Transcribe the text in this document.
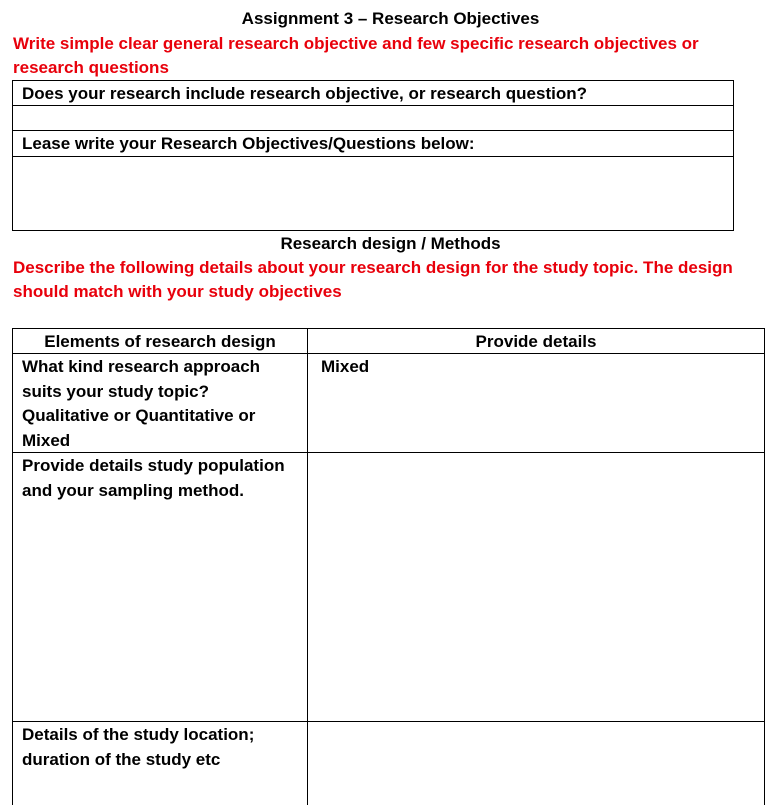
Assignment 3 – Research Objectives
Write simple clear general research objective and few specific research objectives or
research questions
Does your research include research objective, or research question?
Lease write your Research Objectives/Questions below:
Research design / Methods
Describe the following details about your research design for the study topic. The design
should match with your study objectives
Elements of research design	Provide details
What kind research approach
suits your study topic?
Qualitative or Quantitative or
Mixed
Mixed
Provide details study population
and your sampling method.
Details of the study location;
duration of the study etc
